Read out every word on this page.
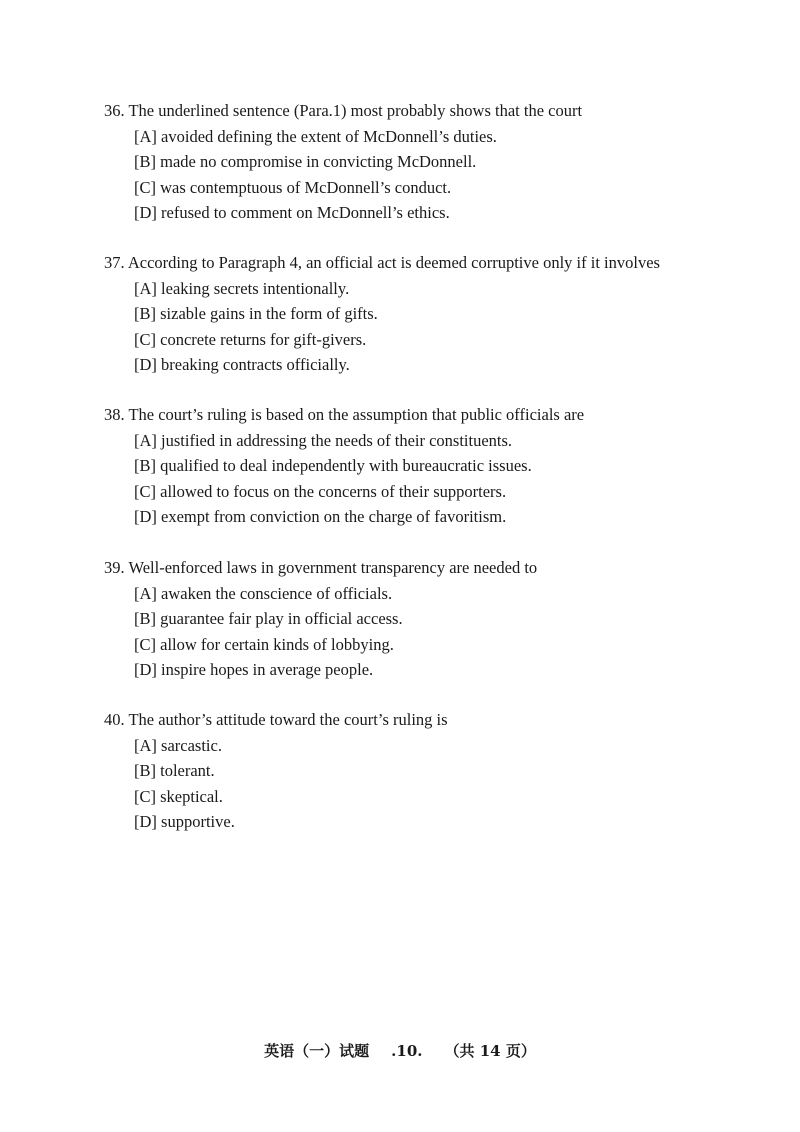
36. The underlined sentence (Para.1) most probably shows that the court
[A] avoided defining the extent of McDonnell’s duties.
[B] made no compromise in convicting McDonnell.
[C] was contemptuous of McDonnell’s conduct.
[D] refused to comment on McDonnell’s ethics.
37. According to Paragraph 4, an official act is deemed corruptive only if it involves
[A] leaking secrets intentionally.
[B] sizable gains in the form of gifts.
[C] concrete returns for gift-givers.
[D] breaking contracts officially.
38. The court’s ruling is based on the assumption that public officials are
[A] justified in addressing the needs of their constituents.
[B] qualified to deal independently with bureaucratic issues.
[C] allowed to focus on the concerns of their supporters.
[D] exempt from conviction on the charge of favoritism.
39. Well-enforced laws in government transparency are needed to
[A] awaken the conscience of officials.
[B] guarantee fair play in official access.
[C] allow for certain kinds of lobbying.
[D] inspire hopes in average people.
40. The author’s attitude toward the court’s ruling is
[A] sarcastic.
[B] tolerant.
[C] skeptical.
[D] supportive.
英语（一）试题 .10. （共 14 页）
